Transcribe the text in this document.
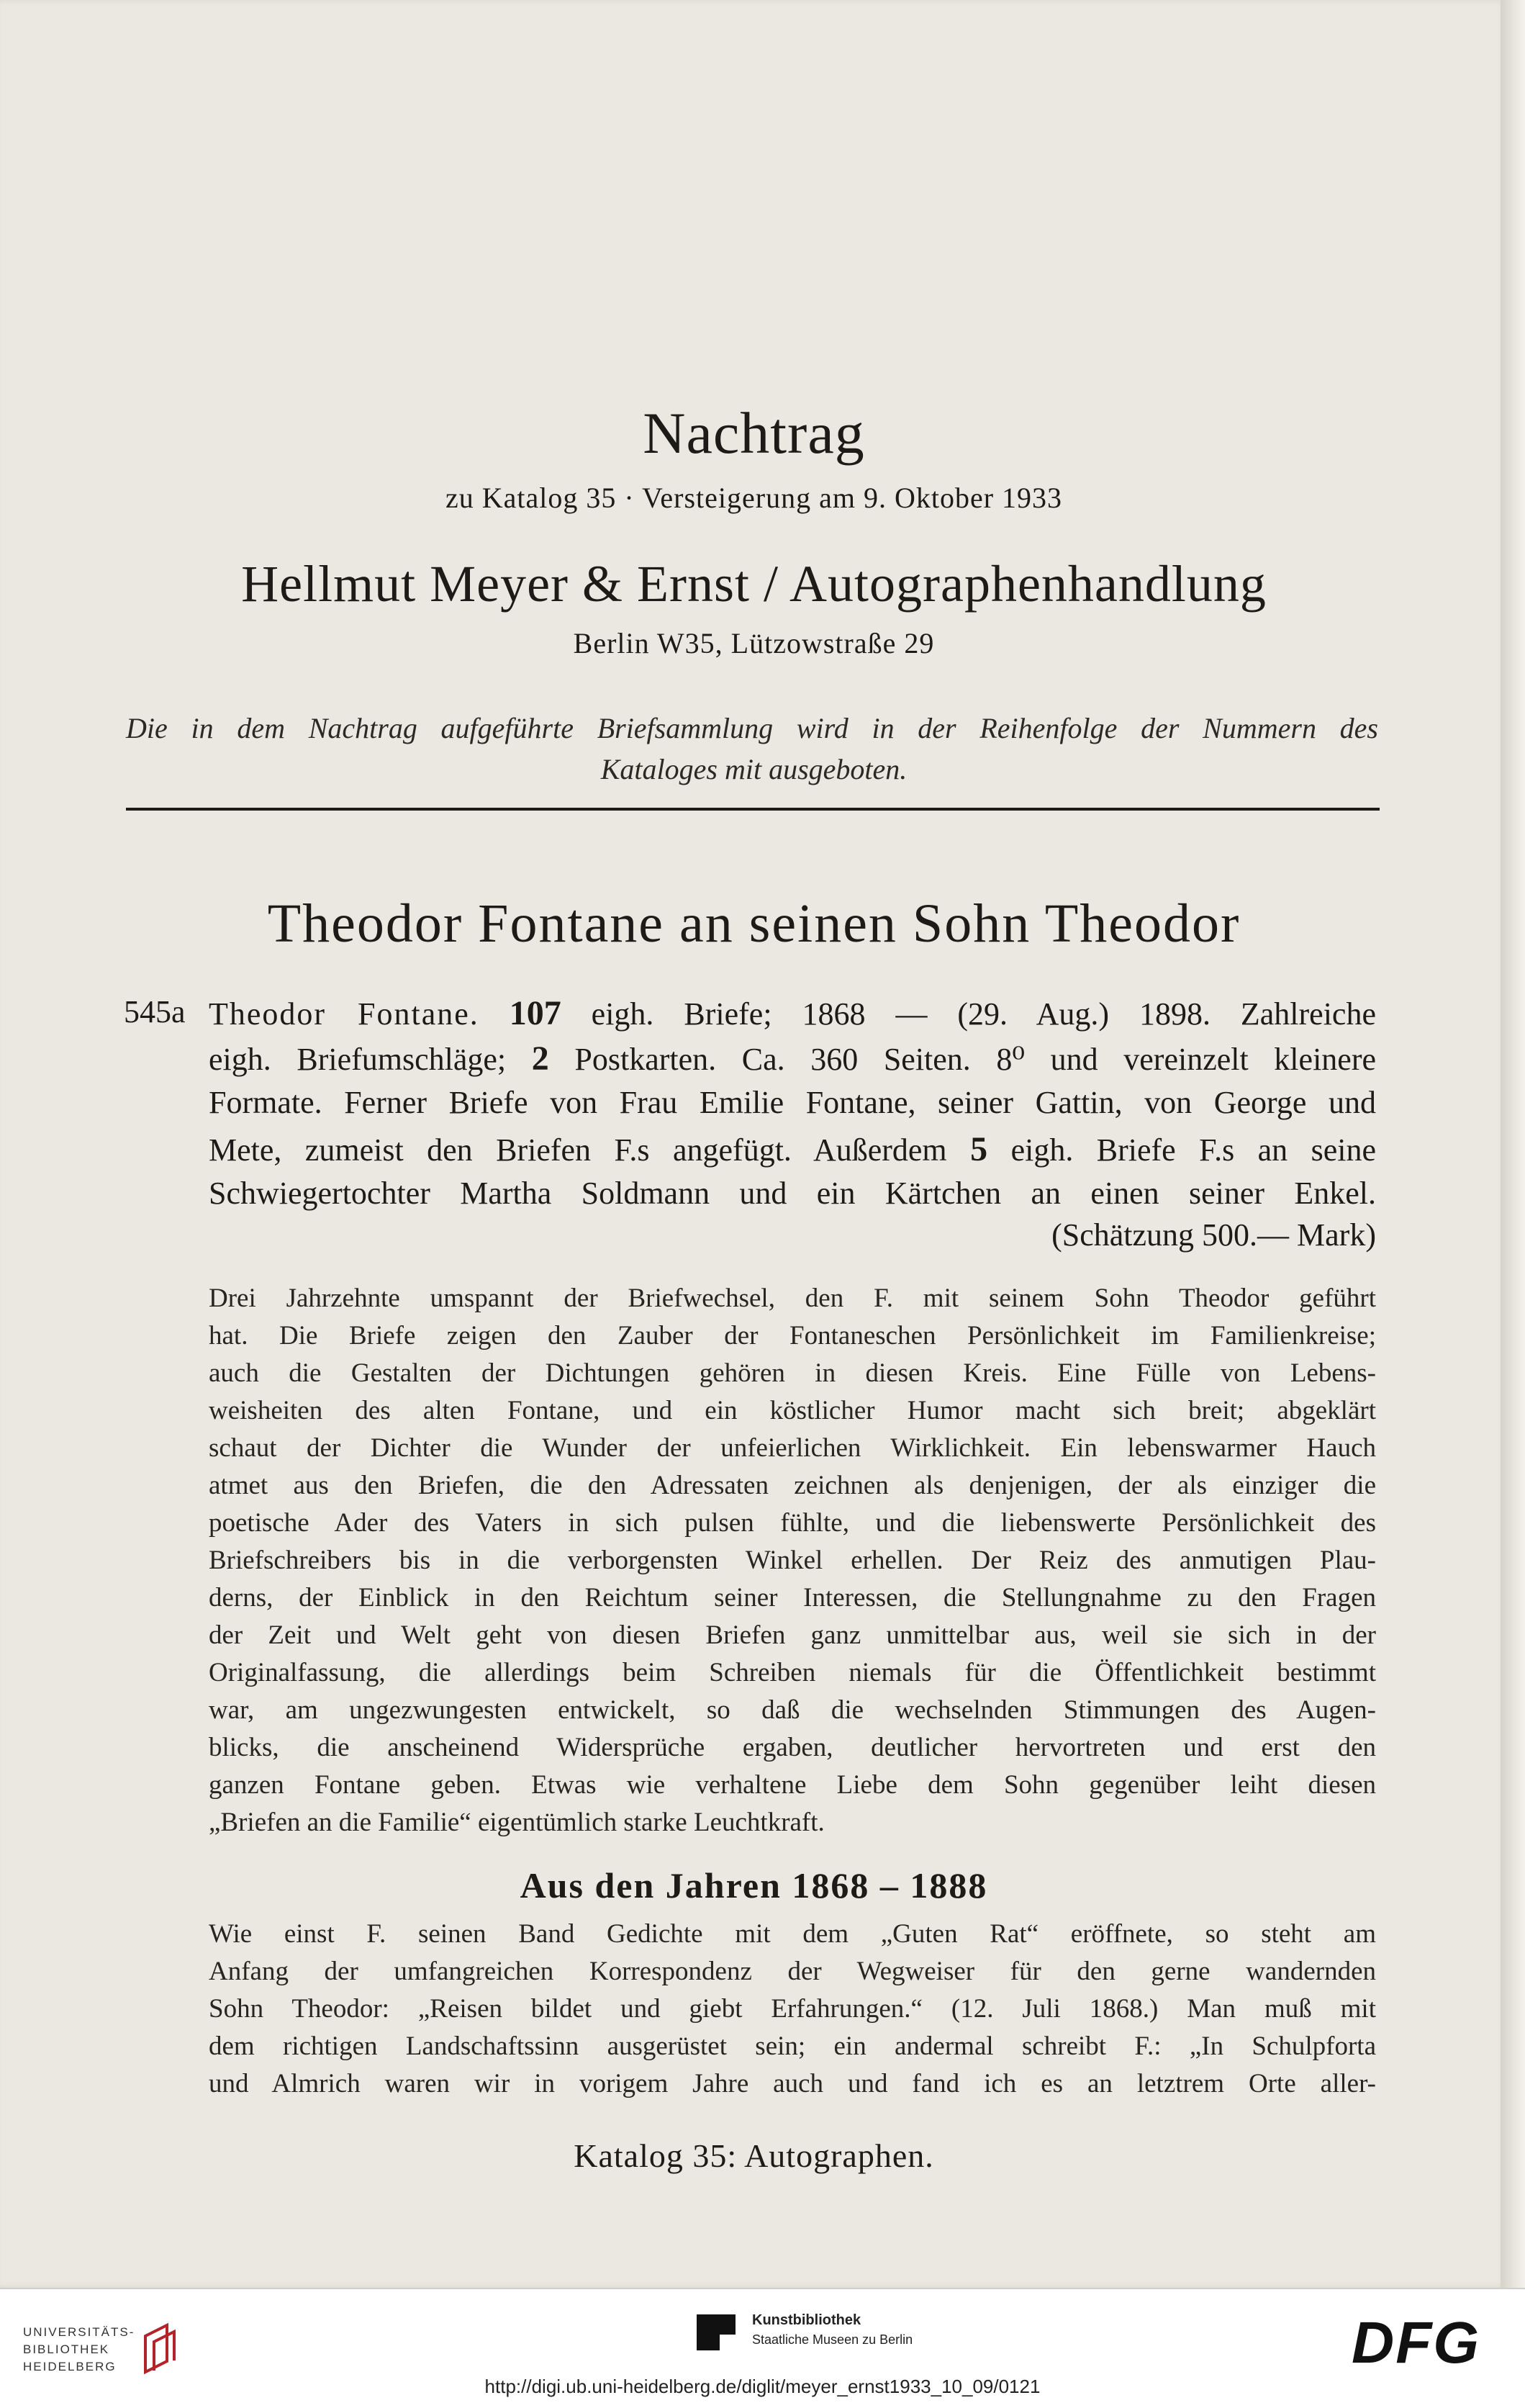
Nachtrag
zu Katalog 35 · Versteigerung am 9. Oktober 1933
Hellmut Meyer & Ernst / Autographenhandlung
Berlin W35, Lützowstraße 29
Die in dem Nachtrag aufgeführte Briefsammlung wird in der Reihenfolge der Nummern des
Kataloges mit ausgeboten.
Theodor Fontane an seinen Sohn Theodor
545a Theodor Fontane. 107 eigh. Briefe; 1868 — (29. Aug.) 1898. Zahlreiche
eigh. Briefumschläge; 2 Postkarten. Ca. 360 Seiten. 8⁰ und vereinzelt kleinere
Formate. Ferner Briefe von Frau Emilie Fontane, seiner Gattin, von George und
Mete, zumeist den Briefen F.s angefügt. Außerdem 5 eigh. Briefe F.s an seine
Schwiegertochter Martha Soldmann und ein Kärtchen an einen seiner Enkel.
(Schätzung 500.— Mark)
Drei Jahrzehnte umspannt der Briefwechsel, den F. mit seinem Sohn Theodor geführt
hat. Die Briefe zeigen den Zauber der Fontaneschen Persönlichkeit im Familienkreise;
auch die Gestalten der Dichtungen gehören in diesen Kreis. Eine Fülle von Lebens-
weisheiten des alten Fontane, und ein köstlicher Humor macht sich breit; abgeklärt
schaut der Dichter die Wunder der unfeierlichen Wirklichkeit. Ein lebenswarmer Hauch
atmet aus den Briefen, die den Adressaten zeichnen als denjenigen, der als einziger die
poetische Ader des Vaters in sich pulsen fühlte, und die liebenswerte Persönlichkeit des
Briefschreibers bis in die verborgensten Winkel erhellen. Der Reiz des anmutigen Plau-
derns, der Einblick in den Reichtum seiner Interessen, die Stellungnahme zu den Fragen
der Zeit und Welt geht von diesen Briefen ganz unmittelbar aus, weil sie sich in der
Originalfassung, die allerdings beim Schreiben niemals für die Öffentlichkeit bestimmt
war, am ungezwungesten entwickelt, so daß die wechselnden Stimmungen des Augen-
blicks, die anscheinend Widersprüche ergaben, deutlicher hervortreten und erst den
ganzen Fontane geben. Etwas wie verhaltene Liebe dem Sohn gegenüber leiht diesen
„Briefen an die Familie“ eigentümlich starke Leuchtkraft.
Aus den Jahren 1868 – 1888
Wie einst F. seinen Band Gedichte mit dem „Guten Rat“ eröffnete, so steht am
Anfang der umfangreichen Korrespondenz der Wegweiser für den gerne wandernden
Sohn Theodor: „Reisen bildet und giebt Erfahrungen.“ (12. Juli 1868.) Man muß mit
dem richtigen Landschaftssinn ausgerüstet sein; ein andermal schreibt F.: „In Schulpforta
und Almrich waren wir in vorigem Jahre auch und fand ich es an letztrem Orte aller-
Katalog 35: Autographen.
UNIVERSITÄTS-
BIBLIOTHEK
HEIDELBERG
Kunstbibliothek
Staatliche Museen zu Berlin	DFG
http://digi.ub.uni-heidelberg.de/diglit/meyer_ernst1933_10_09/0121
